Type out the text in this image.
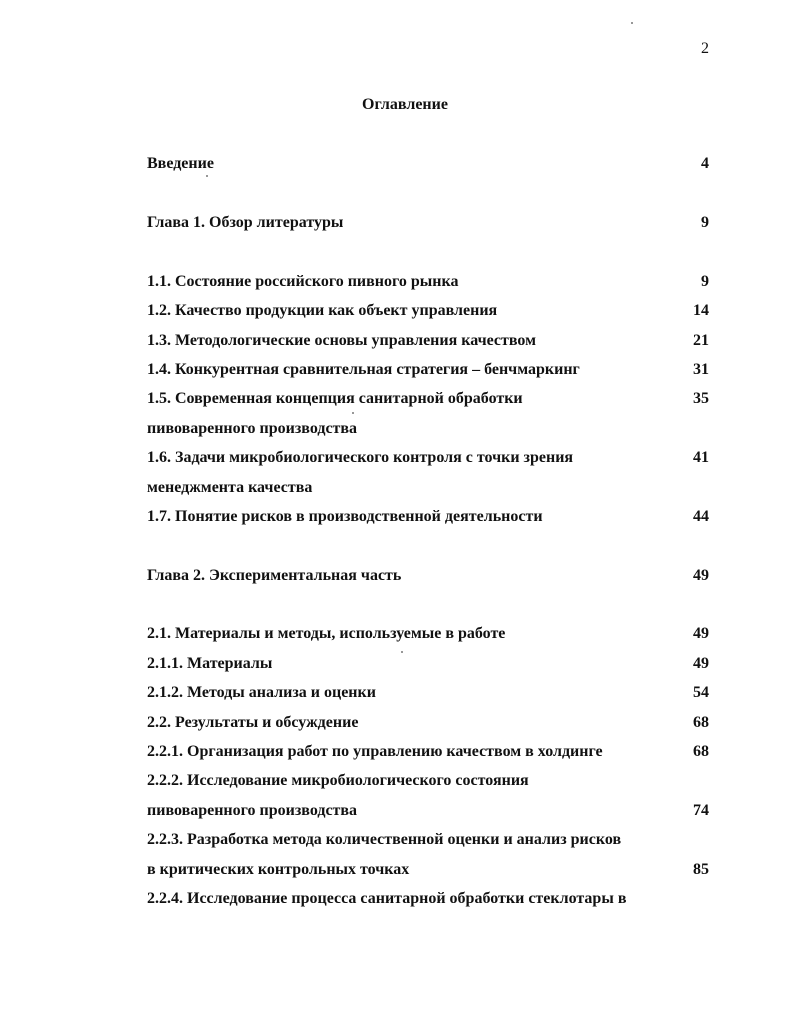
2
Оглавление
Введение	4
Глава 1. Обзор литературы	9
1.1. Состояние российского пивного рынка	9
1.2. Качество продукции как объект управления	14
1.3. Методологические основы управления качеством	21
1.4. Конкурентная сравнительная стратегия – бенчмаркинг	31
1.5. Современная концепция санитарной обработки	35
пивоваренного производства
1.6. Задачи микробиологического контроля с точки зрения	41
менеджмента качества
1.7. Понятие рисков в производственной деятельности	44
Глава 2. Экспериментальная часть	49
2.1. Материалы и методы, используемые в работе	49
2.1.1. Материалы	49
2.1.2. Методы анализа и оценки	54
2.2. Результаты и обсуждение	68
2.2.1. Организация работ по управлению качеством в холдинге	68
2.2.2. Исследование микробиологического состояния
пивоваренного производства	74
2.2.3. Разработка метода количественной оценки и анализ рисков
в критических контрольных точках	85
2.2.4. Исследование процесса санитарной обработки стеклотары в
